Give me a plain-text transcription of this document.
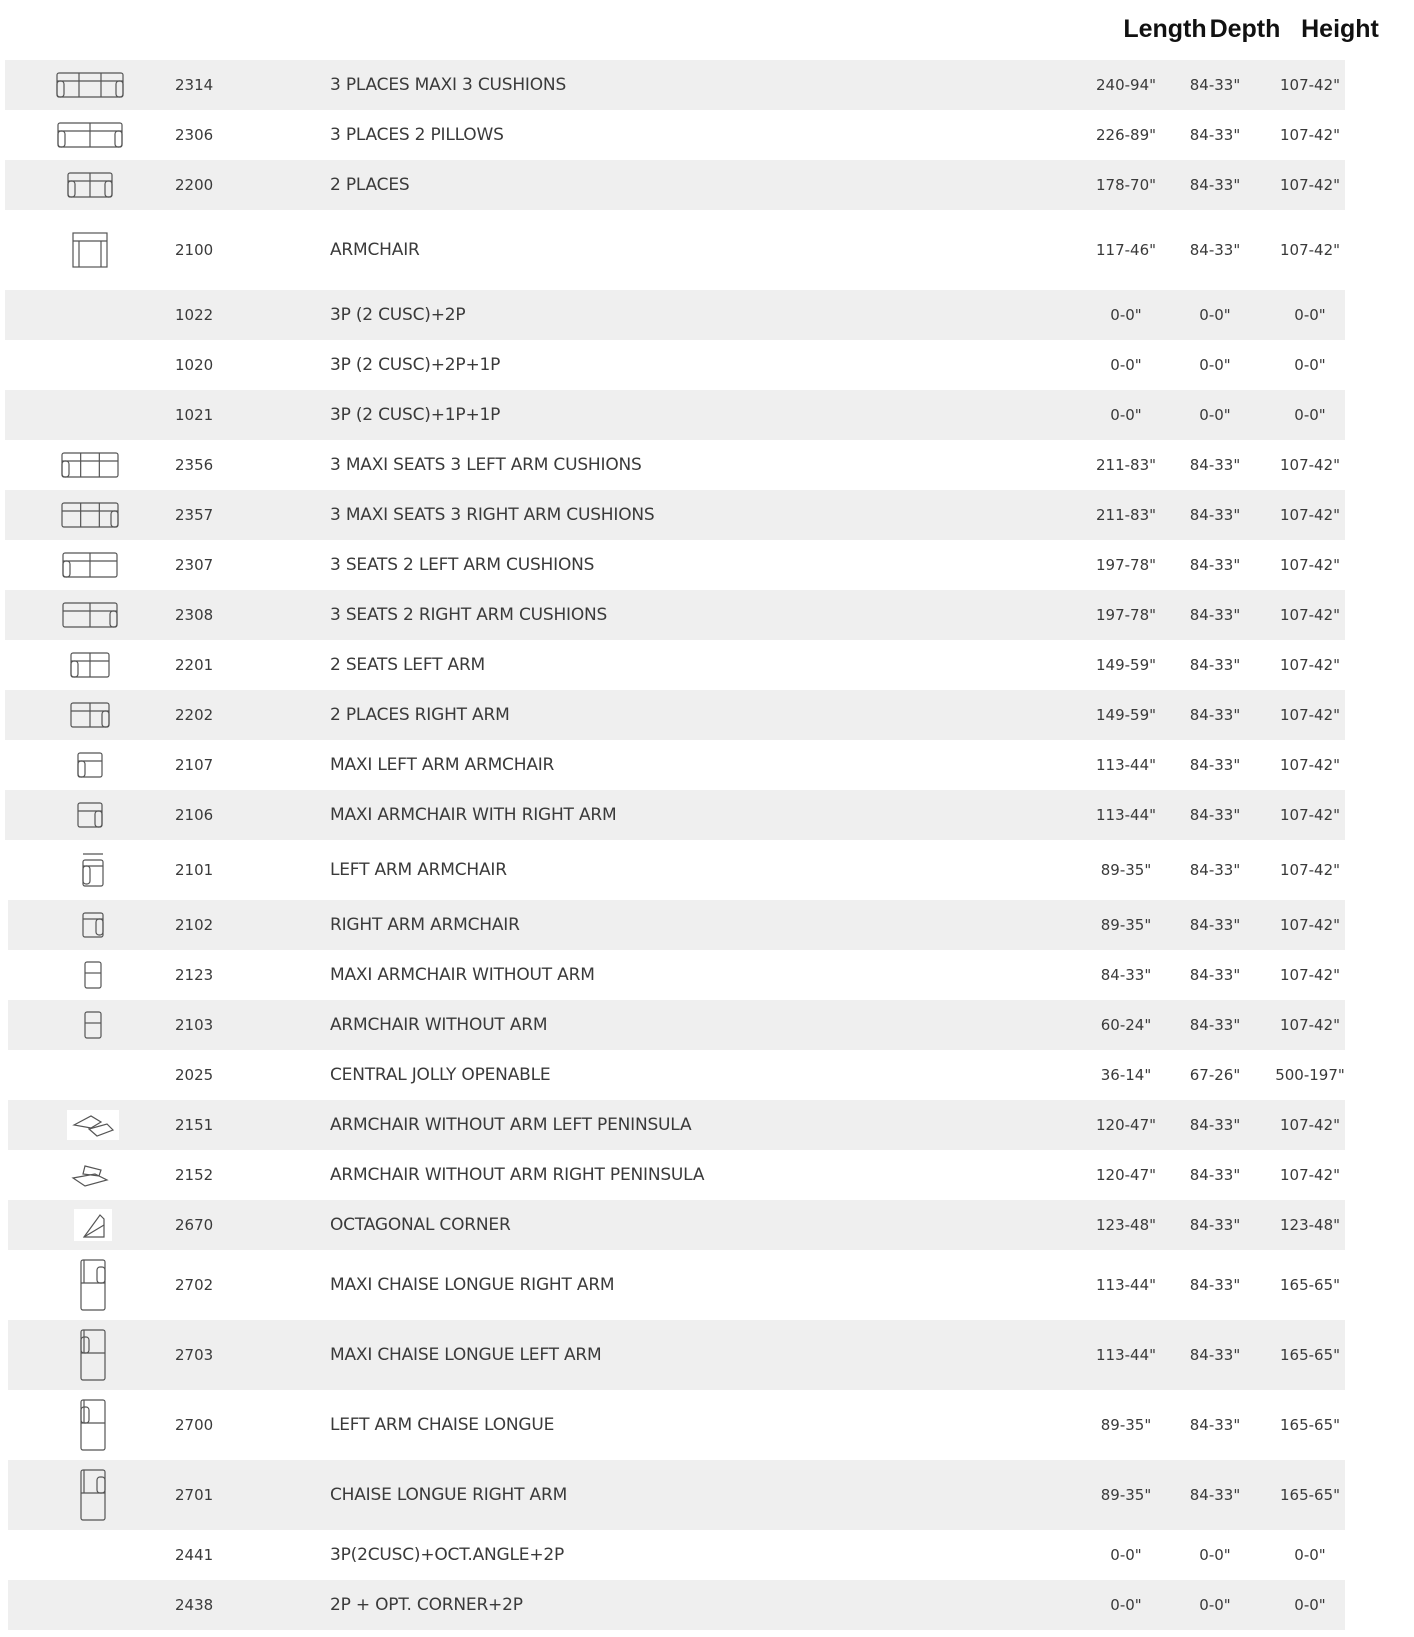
Length Depth Height
2314	3 PLACES MAXI 3 CUSHIONS	240-94"	84-33"	107-42"
2306	3 PLACES 2 PILLOWS	226-89"	84-33"	107-42"
2200	2 PLACES	178-70"	84-33"	107-42"
2100	ARMCHAIR	117-46"	84-33"	107-42"
1022	3P (2 CUSC)+2P	0-0"	0-0"	0-0"
1020	3P (2 CUSC)+2P+1P	0-0"	0-0"	0-0"
1021	3P (2 CUSC)+1P+1P	0-0"	0-0"	0-0"
2356	3 MAXI SEATS 3 LEFT ARM CUSHIONS	211-83"	84-33"	107-42"
2357	3 MAXI SEATS 3 RIGHT ARM CUSHIONS	211-83"	84-33"	107-42"
2307	3 SEATS 2 LEFT ARM CUSHIONS	197-78"	84-33"	107-42"
2308	3 SEATS 2 RIGHT ARM CUSHIONS	197-78"	84-33"	107-42"
2201	2 SEATS LEFT ARM	149-59"	84-33"	107-42"
2202	2 PLACES RIGHT ARM	149-59"	84-33"	107-42"
2107	MAXI LEFT ARM ARMCHAIR	113-44"	84-33"	107-42"
2106	MAXI ARMCHAIR WITH RIGHT ARM	113-44"	84-33"	107-42"
2101	LEFT ARM ARMCHAIR	89-35"	84-33"	107-42"
2102	RIGHT ARM ARMCHAIR	89-35"	84-33"	107-42"
2123	MAXI ARMCHAIR WITHOUT ARM	84-33"	84-33"	107-42"
2103	ARMCHAIR WITHOUT ARM	60-24"	84-33"	107-42"
2025	CENTRAL JOLLY OPENABLE	36-14"	67-26"	500-197"
2151	ARMCHAIR WITHOUT ARM LEFT PENINSULA	120-47"	84-33"	107-42"
2152	ARMCHAIR WITHOUT ARM RIGHT PENINSULA	120-47"	84-33"	107-42"
2670	OCTAGONAL CORNER	123-48"	84-33"	123-48"
2702	MAXI CHAISE LONGUE RIGHT ARM	113-44"	84-33"	165-65"
2703	MAXI CHAISE LONGUE LEFT ARM	113-44"	84-33"	165-65"
2700	LEFT ARM CHAISE LONGUE	89-35"	84-33"	165-65"
2701	CHAISE LONGUE RIGHT ARM	89-35"	84-33"	165-65"
2441	3P(2CUSC)+OCT.ANGLE+2P	0-0"	0-0"	0-0"
2438	2P + OPT. CORNER+2P	0-0"	0-0"	0-0"
